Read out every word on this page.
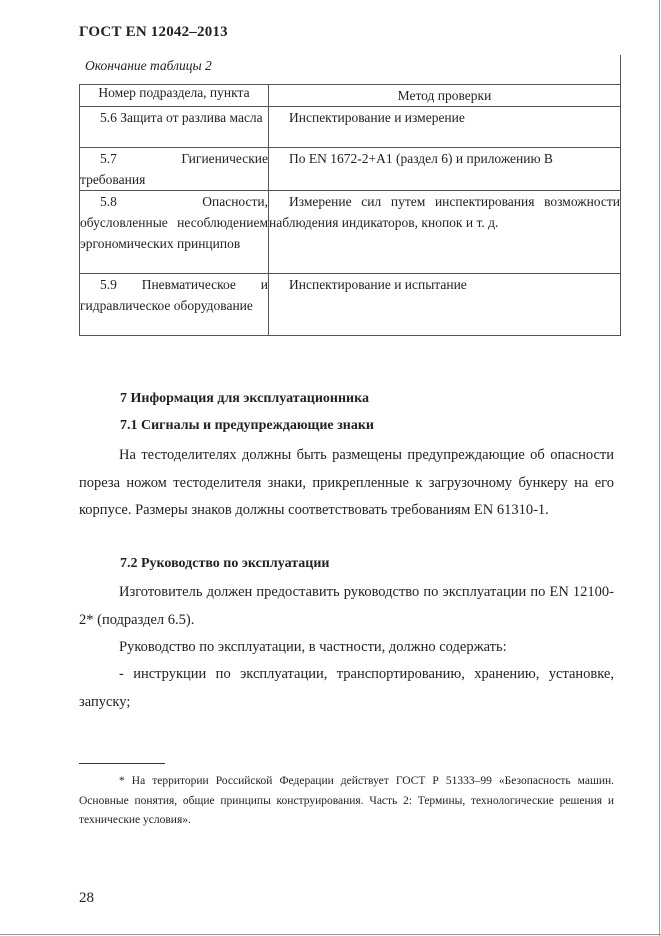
ГОСТ EN 12042–2013
Окончание таблицы 2
Номер подраздела, пункта	Метод проверки
5.6 Защита от разлива масла	Инспектирование и измерение
5.7 Гигиенические требования	По EN 1672-2+A1 (раздел 6) и приложению В
5.8 Опасности, обусловленные несоблюдением эргономических принципов	Измерение сил путем инспектирования возможности наблюдения индикаторов, кнопок и т. д.
5.9 Пневматическое и гидравлическое оборудование	Инспектирование и испытание
7 Информация для эксплуатационника
7.1 Сигналы и предупреждающие знаки
На тестоделителях должны быть размещены предупреждающие об опасности пореза ножом тестоделителя знаки, прикрепленные к загрузочному бункеру на его корпусе. Размеры знаков должны соответствовать требованиям EN 61310-1.
7.2 Руководство по эксплуатации
Изготовитель должен предоставить руководство по эксплуатации по EN 12100-2* (подраздел 6.5).
Руководство по эксплуатации, в частности, должно содержать:
- инструкции по эксплуатации, транспортированию, хранению, установке, запуску;
* На территории Российской Федерации действует ГОСТ Р 51333–99 «Безопасность машин. Основные понятия, общие принципы конструирования. Часть 2: Термины, технологические решения и технические условия».
28
